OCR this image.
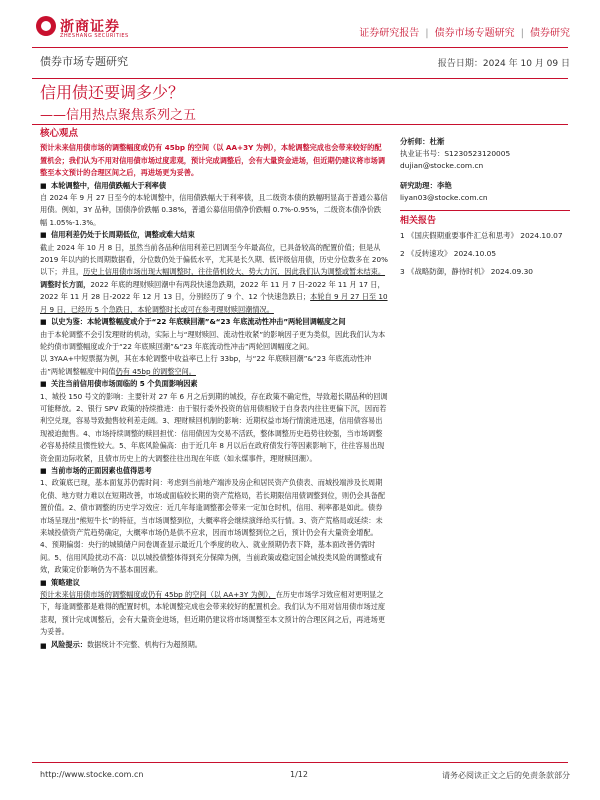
浙商证券
ZHESHANG SECURITIES	证券研究报告 | 债券市场专题研究 | 债券研究
债券市场专题研究	报告日期：2024 年 10 月 09 日
信用债还要调多少？
——信用热点聚焦系列之五
核心观点

预计未来信用债市场的调整幅度或仍有 45bp 的空间（以 AA+3Y 为例），本轮调整完成也会带来较好的配置机会；我们认为不用对信用债市场过度悲观，预计完成调整后，会有大量资金进场，但近期仍建议将市场调整至本文预计的合理区间之后，再进场更为妥善。

■ 本轮调整中，信用债跌幅大于利率债

自 2024 年 9 月 27 日至今的本轮调整中，信用债跌幅大于利率债，且二级资本债的跌幅明显高于普通公募信用债。例如，3Y 品种，国债净价跌幅 0.38%，普通公募信用债净价跌幅 0.7%-0.95%，二级资本债净价跌幅 1.05%-1.3%。

■ 信用利差仍处于长周期低位，调整或难大结束

截止 2024 年 10 月 8 日，虽然当前各品种信用利差已回调至今年最高位，已具备较高的配置价值；但是从 2019 年以内的长周期数据看，分位数仍处于偏低水平，尤其是长久期、低评级信用债，历史分位数多在 20%以下；并且，历史上信用债市场出现大幅调整时，往往借机较大、势大力沉，因此我们认为调整或暂未结束。

调整时长方面，2022 年底的理财赎回潮中有两段快速急跌期，2022 年 11 月 7 日-2022 年 11 月 17 日，2022 年 11 月 28 日-2022 年 12 月 13 日，分别经历了 9 个、12 个快速急跌日；本轮自 9 月 27 日至 10 月 9 日，已经历 5 个急跌日，本轮调整时长或可在参考理财赎回潮情况。

■ 以史为鉴：本轮调整幅度或介于“22 年底赎回潮”&“23 年底流动性冲击”两轮回调幅度之间

由于本轮调整不会引发理财的机动，实际上与“理财赎回、流动性收紧”的影响因子更为类似，因此我们认为本轮约债市调整幅度或介于“22 年底赎回潮”&“23 年底流动性冲击”两轮回调幅度之间。

以 3YAA+中短票据为例，其在本轮调整中收益率已上行 33bp，与“22 年底赎回潮”&“23 年底流动性冲击”两轮调整幅度中间值仍有 45bp 的调整空间。

■ 关注当前信用债市场面临的 5 个负面影响因素

1、城投 150 号文的影响：主要针对 27 年 6 月之后到期的城投，存在政策不确定性，导致超长期品种的回调可能释放。2、银行 SPV 政策的持续推进：由于银行委外投资的信用债相较于自身表内往往更偏下沉，因而若利空兑现，容易导致抛售较利差走阔。3、理财赎回机制的影响：近期权益市场行情演进迅速，信用债容易出现被迫抛售。4、市场持续调整的赎回担忧：信用债因为交易不活跃，整体调整历史趋势往较强，当市场调整必容易持续且惯性较大。5、年底风险偏高：由于近几年 8 月以后在政府债发行等因素影响下，往往容易出现资金面边际收紧，且债市历史上的大调整往往出现在年底（如永煤事件，理财赎回潮）。

■ 当前市场的正面因素也值得思考

1、政策底已现，基本面复苏仍需时间：考虑到当前地产端涉及房企和居民资产负债表、而城投端涉及长周期化债、地方财力难以在短期改善，市场或面临较长期的资产荒格局，若长期限信用债调整到位，则仍会具备配置价值。2、债市调整的历史学习效应：近几年每逢调整都会带来一定加仓时机，信用、利率都是如此。债券市场呈现出“熊短牛长”的特征，当市场调整到位，大概率将会继续演绎给买行情。3、资产荒格局或延续：未来城投债资产荒趋势确定，大概率市场仍是供不应求，因而市场调整到位之后，预计仍会有大量资金增配。4、预期偏弱：央行的城镇储户问卷调查显示最近几个季度的收入、就业预期仍表下降，基本面改善仍需时间。5、信用风险扰动不高：以以城投债整体得到充分保障为例，当前政策或稳定国企城投类风险的调整或有效，政策定价影响仍为不基本面因素。

■ 策略建议

预计未来信用债市场的调整幅度或仍有 45bp 的空间（以 AA+3Y 为例），在历史市场学习效应相对更明显之下，每逢调整都是难得的配置时机，本轮调整完成也会带来较好的配置机会。我们认为不用对信用债市场过度悲观，预计完成调整后，会有大量资金进场，但近期仍建议将市场调整至本文预计的合理区间之后，再进场更为妥善。

■ 风险提示：数据统计不完整、机构行为超预期。

分析师：杜渐
执业证书号：S1230523120005
dujian@stocke.com.cn
研究助理：李艳
liyan03@stocke.com.cn
相关报告
1 《国庆假期重要事件汇总和思考》 2024.10.07
2 《反转速攻》 2024.10.05
3 《战略防御，静待时机》 2024.09.30
http://www.stocke.com.cn	1/12	请务必阅读正文之后的免责条款部分
